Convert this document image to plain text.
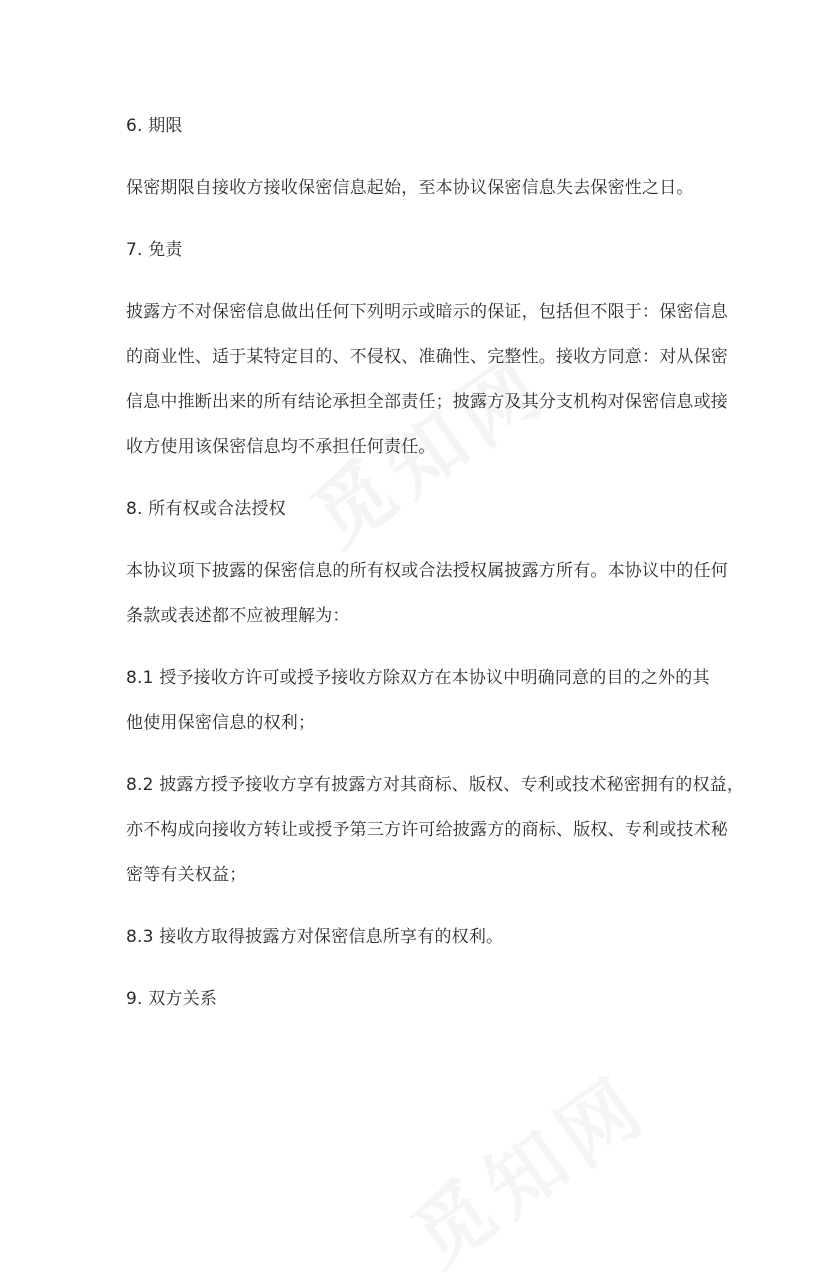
6. 期限
保密期限自接收方接收保密信息起始，至本协议保密信息失去保密性之日。
7. 免责
披露方不对保密信息做出任何下列明示或暗示的保证，包括但不限于：保密信息
的商业性、适于某特定目的、不侵权、准确性、完整性。接收方同意：对从保密
信息中推断出来的所有结论承担全部责任；披露方及其分支机构对保密信息或接
收方使用该保密信息均不承担任何责任。
8. 所有权或合法授权
本协议项下披露的保密信息的所有权或合法授权属披露方所有。本协议中的任何
条款或表述都不应被理解为：
8.1 授予接收方许可或授予接收方除双方在本协议中明确同意的目的之外的其
他使用保密信息的权利；
8.2 披露方授予接收方享有披露方对其商标、版权、专利或技术秘密拥有的权益，
亦不构成向接收方转让或授予第三方许可给披露方的商标、版权、专利或技术秘
密等有关权益；
8.3 接收方取得披露方对保密信息所享有的权利。
9. 双方关系
